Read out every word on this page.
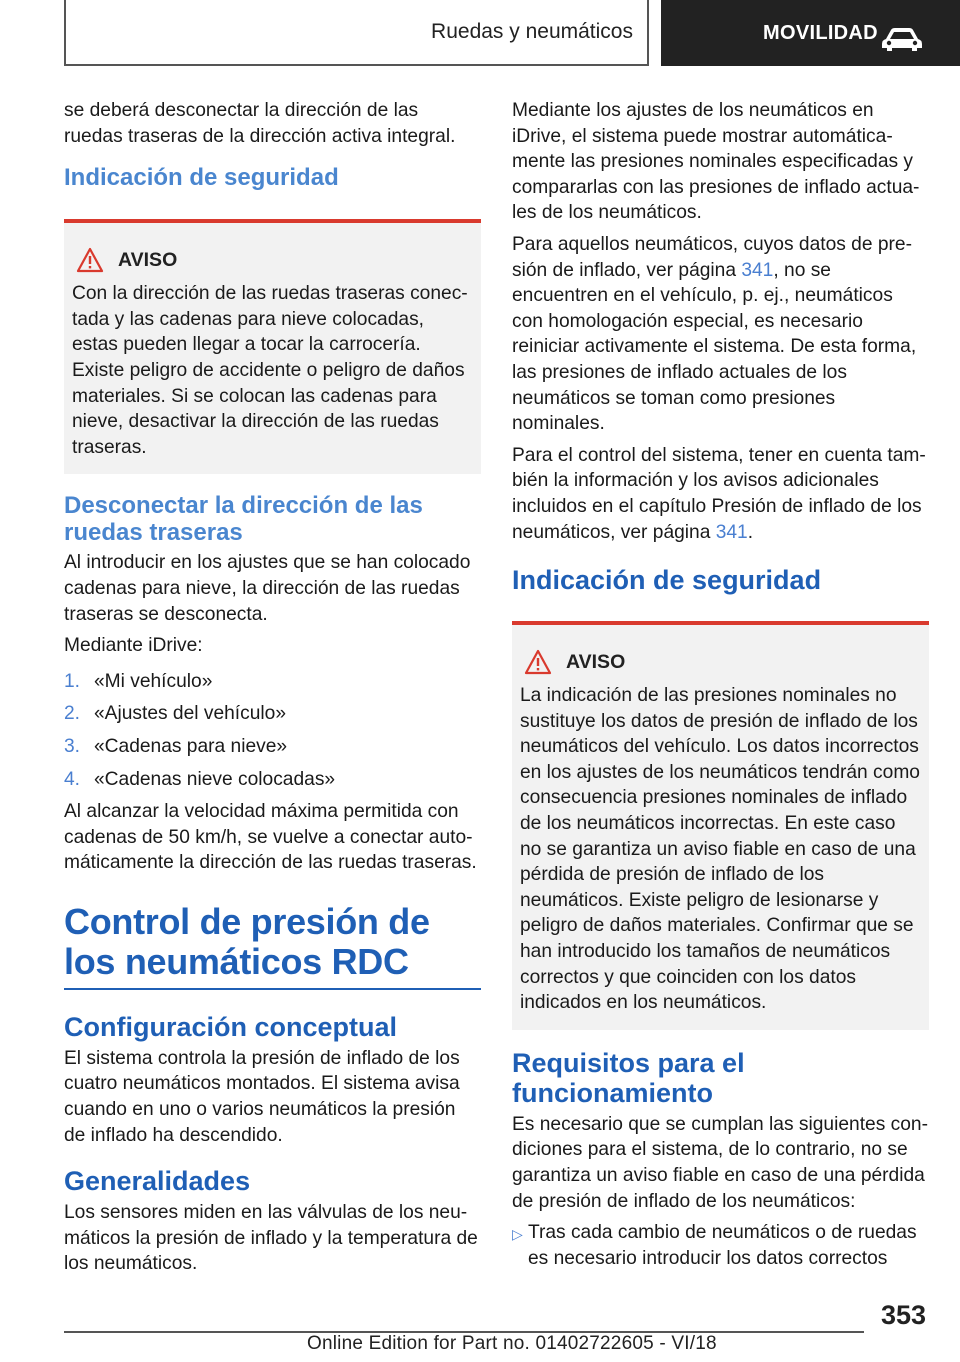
Ruedas y neumáticos	MOVILIDAD

se deberá desconectar la dirección de las ruedas traseras de la dirección activa integral.

Indicación de seguridad
AVISO

Con la dirección de las ruedas traseras conectada y las cadenas para nieve colocadas, estas pueden llegar a tocar la carrocería. Existe peligro de accidente o peligro de daños materiales. Si se colocan las cadenas para nieve, desactivar la dirección de las ruedas traseras.

Desconectar la dirección de las ruedas traseras

Al introducir en los ajustes que se han colocado cadenas para nieve, la dirección de las ruedas traseras se desconecta.

Mediante iDrive:

1. «Mi vehículo»
2. «Ajustes del vehículo»
3. «Cadenas para nieve»
4. «Cadenas nieve colocadas»

Al alcanzar la velocidad máxima permitida con cadenas de 50 km/h, se vuelve a conectar automáticamente la dirección de las ruedas traseras.

Control de presión de los neumáticos RDC
Configuración conceptual

El sistema controla la presión de inflado de los cuatro neumáticos montados. El sistema avisa cuando en uno o varios neumáticos la presión de inflado ha descendido.

Generalidades

Los sensores miden en las válvulas de los neumáticos la presión de inflado y la temperatura de los neumáticos.

Mediante los ajustes de los neumáticos en iDrive, el sistema puede mostrar automáticamente las presiones nominales especificadas y compararlas con las presiones de inflado actuales de los neumáticos.

Para aquellos neumáticos, cuyos datos de presión de inflado, ver página 341, no se encuentren en el vehículo, p. ej., neumáticos con homologación especial, es necesario reiniciar activamente el sistema. De esta forma, las presiones de inflado actuales de los neumáticos se toman como presiones nominales.

Para el control del sistema, tener en cuenta también la información y los avisos adicionales incluidos en el capítulo Presión de inflado de los neumáticos, ver página 341.

Indicación de seguridad
AVISO

La indicación de las presiones nominales no sustituye los datos de presión de inflado de los neumáticos del vehículo. Los datos incorrectos en los ajustes de los neumáticos tendrán como consecuencia presiones nominales de inflado de los neumáticos incorrectas. En este caso no se garantiza un aviso fiable en caso de una pérdida de presión de inflado de los neumáticos. Existe peligro de lesionarse y peligro de daños materiales. Confirmar que se han introducido los tamaños de neumáticos correctos y que coinciden con los datos indicados en los neumáticos.

Requisitos para el funcionamiento

Es necesario que se cumplan las siguientes condiciones para el sistema, de lo contrario, no se garantiza un aviso fiable en caso de una pérdida de presión de inflado de los neumáticos:

▷ Tras cada cambio de neumáticos o de ruedas es necesario introducir los datos correctos
353
Online Edition for Part no. 01402722605 - VI/18
